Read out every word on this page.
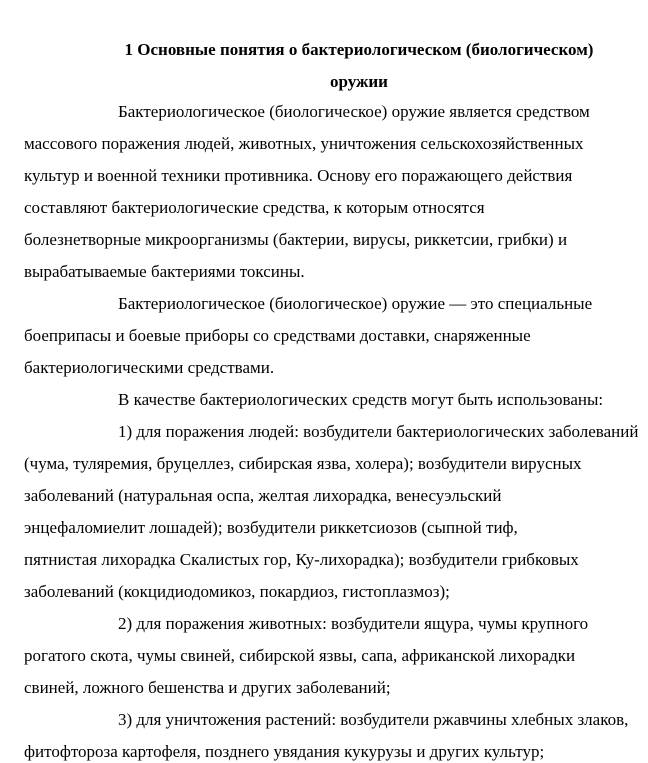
1 Основные понятия о бактериологическом (биологическом)
оружии
Бактериологическое (биологическое) оружие является средством
массового поражения людей, животных, уничтожения сельскохозяйственных
культур и военной техники противника. Основу его поражающего действия
составляют бактериологические средства, к которым относятся
болезнетворные микроорганизмы (бактерии, вирусы, риккетсии, грибки) и
вырабатываемые бактериями токсины.
Бактериологическое (биологическое) оружие — это специальные
боеприпасы и боевые приборы со средствами доставки, снаряженные
бактериологическими средствами.
В качестве бактериологических средств могут быть использованы:
1) для поражения людей: возбудители бактериологических заболеваний
(чума, туляремия, бруцеллез, сибирская язва, холера); возбудители вирусных
заболеваний (натуральная оспа, желтая лихорадка, венесуэльский
энцефаломиелит лошадей); возбудители риккетсиозов (сыпной тиф,
пятнистая лихорадка Скалистых гор, Ку-лихорадка); возбудители грибковых
заболеваний (кокцидиодомикоз, покардиоз, гистоплазмоз);
2) для поражения животных: возбудители ящура, чумы крупного
рогатого скота, чумы свиней, сибирской язвы, сапа, африканской лихорадки
свиней, ложного бешенства и других заболеваний;
3) для уничтожения растений: возбудители ржавчины хлебных злаков,
фитофтороза картофеля, позднего увядания кукурузы и других культур;
